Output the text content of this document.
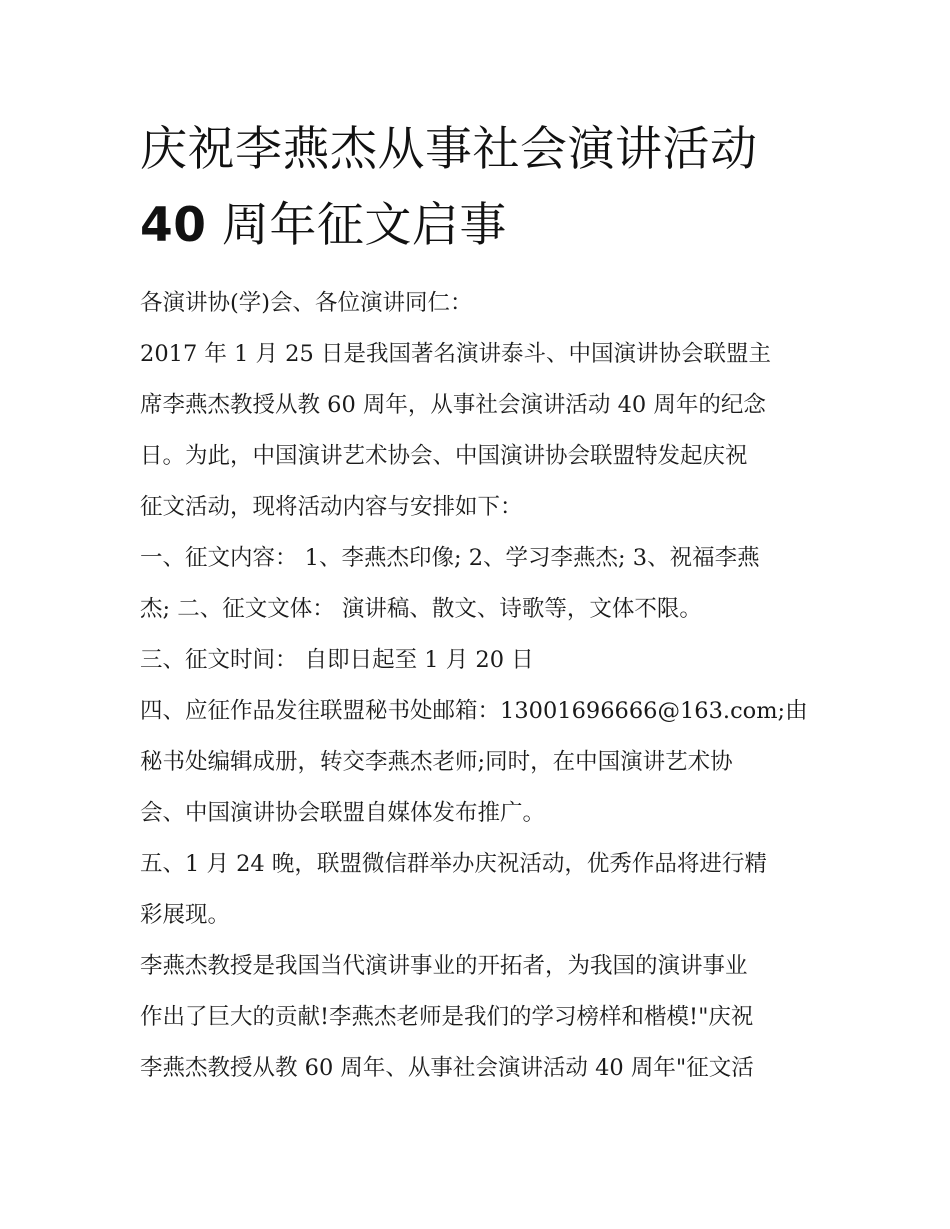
庆祝李燕杰从事社会演讲活动
40 周年征文启事
各演讲协(学)会、各位演讲同仁：
2017 年 1 月 25 日是我国著名演讲泰斗、中国演讲协会联盟主
席李燕杰教授从教 60 周年，从事社会演讲活动 40 周年的纪念
日。为此，中国演讲艺术协会、中国演讲协会联盟特发起庆祝
征文活动，现将活动内容与安排如下：
一、征文内容： 1、李燕杰印像; 2、学习李燕杰; 3、祝福李燕
杰; 二、征文文体： 演讲稿、散文、诗歌等，文体不限。
三、征文时间： 自即日起至 1 月 20 日
四、应征作品发往联盟秘书处邮箱：13001696666@163.com;由
秘书处编辑成册，转交李燕杰老师;同时，在中国演讲艺术协
会、中国演讲协会联盟自媒体发布推广。
五、1 月 24 晚，联盟微信群举办庆祝活动，优秀作品将进行精
彩展现。
李燕杰教授是我国当代演讲事业的开拓者，为我国的演讲事业
作出了巨大的贡献!李燕杰老师是我们的学习榜样和楷模!"庆祝
李燕杰教授从教 60 周年、从事社会演讲活动 40 周年"征文活
